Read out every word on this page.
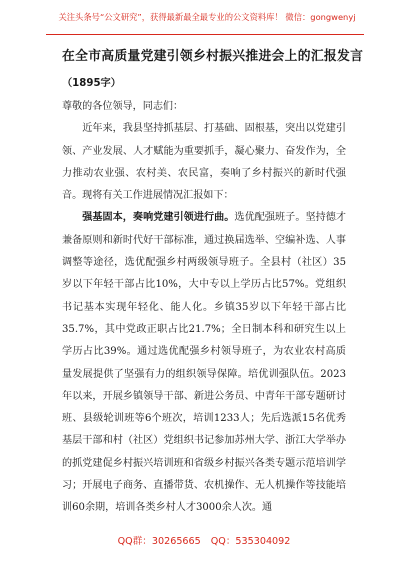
关注头条号“公文研究”，获得最新最全最专业的公文资料库！ 微信：gongwenyj
在全市高质量党建引领乡村振兴推进会上的汇报发言
（1895字）

尊敬的各位领导，同志们：

近年来，我县坚持抓基层、打基础、固根基，突出以党建引领、产业发展、人才赋能为重要抓手，凝心聚力、奋发作为，全力推动农业强、农村美、农民富，奏响了乡村振兴的新时代强音。现将有关工作进展情况汇报如下：

强基固本，奏响党建引领进行曲。选优配强班子。坚持德才兼备原则和新时代好干部标准，通过换届选举、空编补选、人事调整等途径，选优配强乡村两级领导班子。全县村（社区）35岁以下年轻干部占比10%，大中专以上学历占比57%。党组织书记基本实现年轻化、能人化。乡镇35岁以下年轻干部占比35.7%，其中党政正职占比21.7%；全日制本科和研究生以上学历占比39%。通过选优配强乡村领导班子，为农业农村高质量发展提供了坚强有力的组织领导保障。培优训强队伍。2023年以来，开展乡镇领导干部、新进公务员、中青年干部专题研讨班、县级轮训班等6个班次，培训1233人；先后选派15名优秀基层干部和村（社区）党组织书记参加苏州大学、浙江大学举办的抓党建促乡村振兴培训班和省级乡村振兴各类专题示范培训学习；开展电子商务、直播带货、农机操作、无人机操作等技能培训60余期，培训各类乡村人才3000余人次。通

QQ群：30265665 QQ：535304092
